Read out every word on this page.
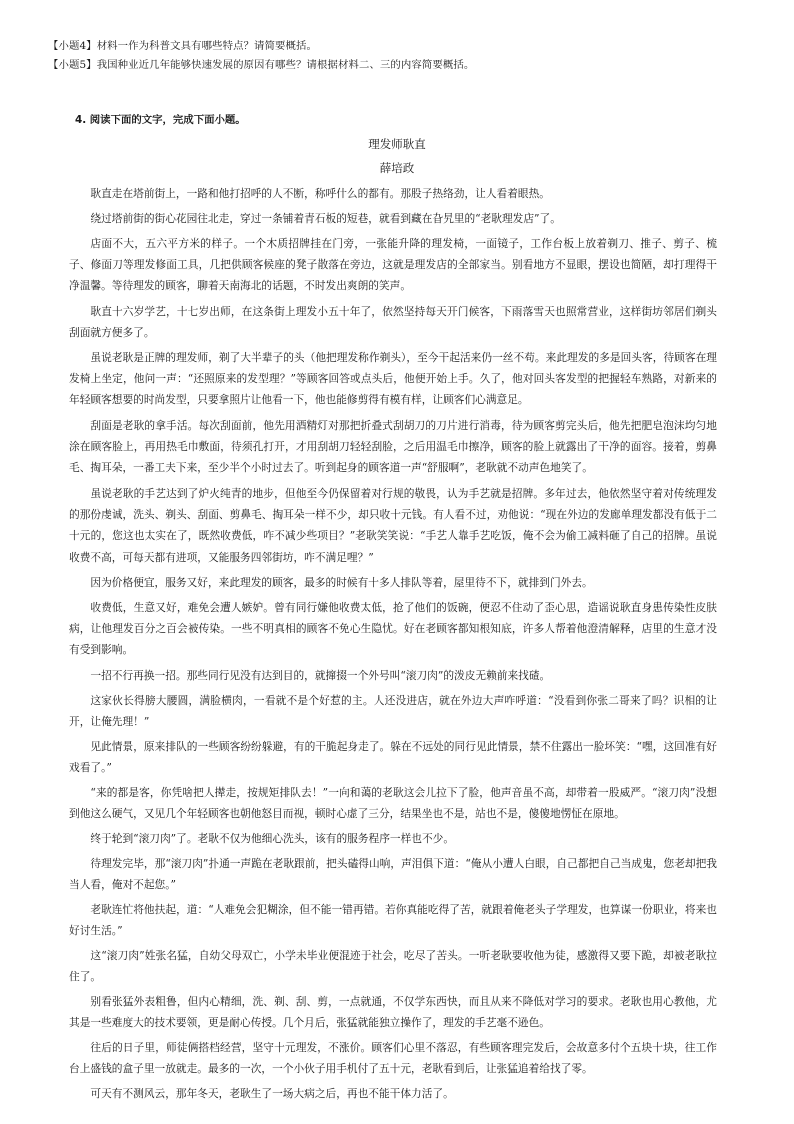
【小题4】材料一作为科普文具有哪些特点？请简要概括。
【小题5】我国种业近几年能够快速发展的原因有哪些？请根据材料二、三的内容简要概括。
4. 阅读下面的文字，完成下面小题。
理发师耿直
薛培政

耿直走在塔前街上，一路和他打招呼的人不断，称呼什么的都有。那股子热络劲，让人看着眼热。

绕过塔前街的街心花园往北走，穿过一条铺着青石板的短巷，就看到藏在旮旯里的“老耿理发店”了。

店面不大，五六平方米的样子。一个木质招牌挂在门旁，一张能升降的理发椅，一面镜子，工作台板上放着剃刀、推子、剪子、梳子、修面刀等理发修面工具，几把供顾客候座的凳子散落在旁边，这就是理发店的全部家当。别看地方不显眼，摆设也简陋，却打理得干净温馨。等待理发的顾客，聊着天南海北的话题，不时发出爽朗的笑声。

耿直十六岁学艺，十七岁出师，在这条街上理发小五十年了，依然坚持每天开门候客，下雨落雪天也照常营业，这样街坊邻居们剃头刮面就方便多了。

虽说老耿是正牌的理发师，剃了大半辈子的头（他把理发称作剃头），至今干起活来仍一丝不苟。来此理发的多是回头客，待顾客在理发椅上坐定，他问一声：“还照原来的发型理？”等顾客回答或点头后，他便开始上手。久了，他对回头客发型的把握轻车熟路，对新来的年轻顾客想要的时尚发型，只要拿照片让他看一下，他也能修剪得有模有样，让顾客们心满意足。

刮面是老耿的拿手活。每次刮面前，他先用酒精灯对那把折叠式刮胡刀的刀片进行消毒，待为顾客剪完头后，他先把肥皂泡沫均匀地涂在顾客脸上，再用热毛巾敷面，待须孔打开，才用刮胡刀轻轻刮脸，之后用温毛巾擦净，顾客的脸上就露出了干净的面容。接着，剪鼻毛、掏耳朵，一番工夫下来，至少半个小时过去了。听到起身的顾客道一声“舒服啊”，老耿就不动声色地笑了。

虽说老耿的手艺达到了炉火纯青的地步，但他至今仍保留着对行规的敬畏，认为手艺就是招牌。多年过去，他依然坚守着对传统理发的那份虔诚，洗头、剃头、刮面、剪鼻毛、掏耳朵一样不少，却只收十元钱。有人看不过，劝他说：“现在外边的发廊单理发都没有低于二十元的，您这也太实在了，既然收费低，咋不减少些项目？”老耿笑笑说：“手艺人靠手艺吃饭，俺不会为偷工减料砸了自己的招牌。虽说收费不高，可每天都有进项，又能服务四邻街坊，咋不满足哩？”

因为价格便宜，服务又好，来此理发的顾客，最多的时候有十多人排队等着，屋里待不下，就排到门外去。

收费低，生意又好，难免会遭人嫉妒。曾有同行嫌他收费太低，抢了他们的饭碗，便忍不住动了歪心思，造谣说耿直身患传染性皮肤病，让他理发百分之百会被传染。一些不明真相的顾客不免心生隐忧。好在老顾客都知根知底，许多人帮着他澄清解释，店里的生意才没有受到影响。

一招不行再换一招。那些同行见没有达到目的，就撺掇一个外号叫“滚刀肉”的泼皮无赖前来找碴。

这家伙长得膀大腰圆，满脸横肉，一看就不是个好惹的主。人还没进店，就在外边大声咋呼道：“没看到你张二哥来了吗？识相的让开，让俺先理！”

见此情景，原来排队的一些顾客纷纷躲避，有的干脆起身走了。躲在不远处的同行见此情景，禁不住露出一脸坏笑：“嘿，这回准有好戏看了。”

“来的都是客，你凭啥把人撵走，按规矩排队去！”一向和蔼的老耿这会儿拉下了脸，他声音虽不高，却带着一股威严。“滚刀肉”没想到他这么硬气，又见几个年轻顾客也朝他怒目而视，顿时心虚了三分，结果坐也不是，站也不是，傻傻地愣怔在原地。

终于轮到“滚刀肉”了。老耿不仅为他细心洗头，该有的服务程序一样也不少。

待理发完毕，那“滚刀肉”扑通一声跪在老耿跟前，把头磕得山响，声泪俱下道：“俺从小遭人白眼，自己都把自己当成鬼，您老却把我当人看，俺对不起您。”

老耿连忙将他扶起，道：“人难免会犯糊涂，但不能一错再错。若你真能吃得了苦，就跟着俺老头子学理发，也算谋一份职业，将来也好讨生活。”

这“滚刀肉”姓张名猛，自幼父母双亡，小学未毕业便混迹于社会，吃尽了苦头。一听老耿要收他为徒，感激得又要下跪，却被老耿拉住了。

别看张猛外表粗鲁，但内心精细，洗、剃、刮、剪，一点就通，不仅学东西快，而且从来不降低对学习的要求。老耿也用心教他，尤其是一些难度大的技术要领，更是耐心传授。几个月后，张猛就能独立操作了，理发的手艺毫不逊色。

往后的日子里，师徒俩搭档经营，坚守十元理发，不涨价。顾客们心里不落忍，有些顾客理完发后，会故意多付个五块十块，往工作台上盛钱的盒子里一放就走。最多的一次，一个小伙子用手机付了五十元，老耿看到后，让张猛追着给找了零。

可天有不测风云，那年冬天，老耿生了一场大病之后，再也不能干体力活了。
